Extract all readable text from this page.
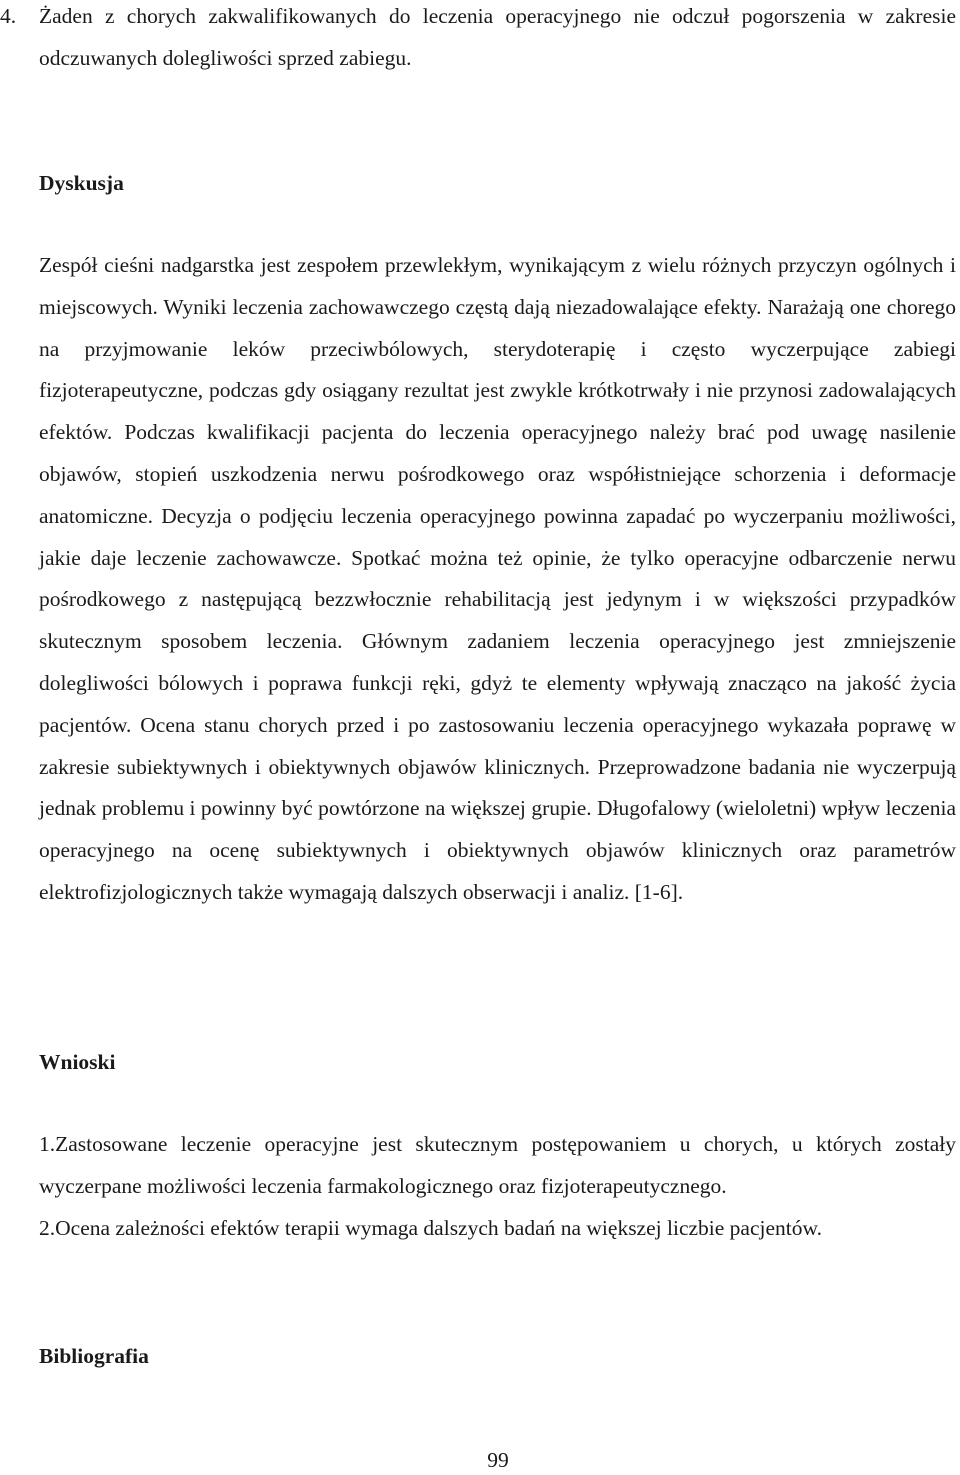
4.	Żaden z chorych zakwalifikowanych do leczenia operacyjnego nie odczuł pogorszenia w zakresie odczuwanych dolegliwości sprzed zabiegu.

Dyskusja

Zespół cieśni nadgarstka jest zespołem przewlekłym, wynikającym z wielu różnych przyczyn ogólnych i miejscowych. Wyniki leczenia zachowawczego częstą dają niezadowalające efekty. Narażają one chorego na przyjmowanie leków przeciwbólowych, sterydoterapię i często wyczerpujące zabiegi fizjoterapeutyczne, podczas gdy osiągany rezultat jest zwykle krótkotrwały i nie przynosi zadowalających efektów. Podczas kwalifikacji pacjenta do leczenia operacyjnego należy brać pod uwagę nasilenie objawów, stopień uszkodzenia nerwu pośrodkowego oraz współistniejące schorzenia i deformacje anatomiczne. Decyzja o podjęciu leczenia operacyjnego powinna zapadać po wyczerpaniu możliwości, jakie daje leczenie zachowawcze. Spotkać można też opinie, że tylko operacyjne odbarczenie nerwu pośrodkowego z następującą bezzwłocznie rehabilitacją jest jedynym i w większości przypadków skutecznym sposobem leczenia. Głównym zadaniem leczenia operacyjnego jest zmniejszenie dolegliwości bólowych i poprawa funkcji ręki, gdyż te elementy wpływają znacząco na jakość życia pacjentów. Ocena stanu chorych przed i po zastosowaniu leczenia operacyjnego wykazała poprawę w zakresie subiektywnych i obiektywnych objawów klinicznych. Przeprowadzone badania nie wyczerpują jednak problemu i powinny być powtórzone na większej grupie. Długofalowy (wieloletni) wpływ leczenia operacyjnego na ocenę subiektywnych i obiektywnych objawów klinicznych oraz parametrów elektrofizjologicznych także wymagają dalszych obserwacji i analiz. [1-6].

Wnioski

1.Zastosowane leczenie operacyjne jest skutecznym postępowaniem u chorych, u których zostały wyczerpane możliwości leczenia farmakologicznego oraz fizjoterapeutycznego.

2.Ocena zależności efektów terapii wymaga dalszych badań na większej liczbie pacjentów.

Bibliografia
99
